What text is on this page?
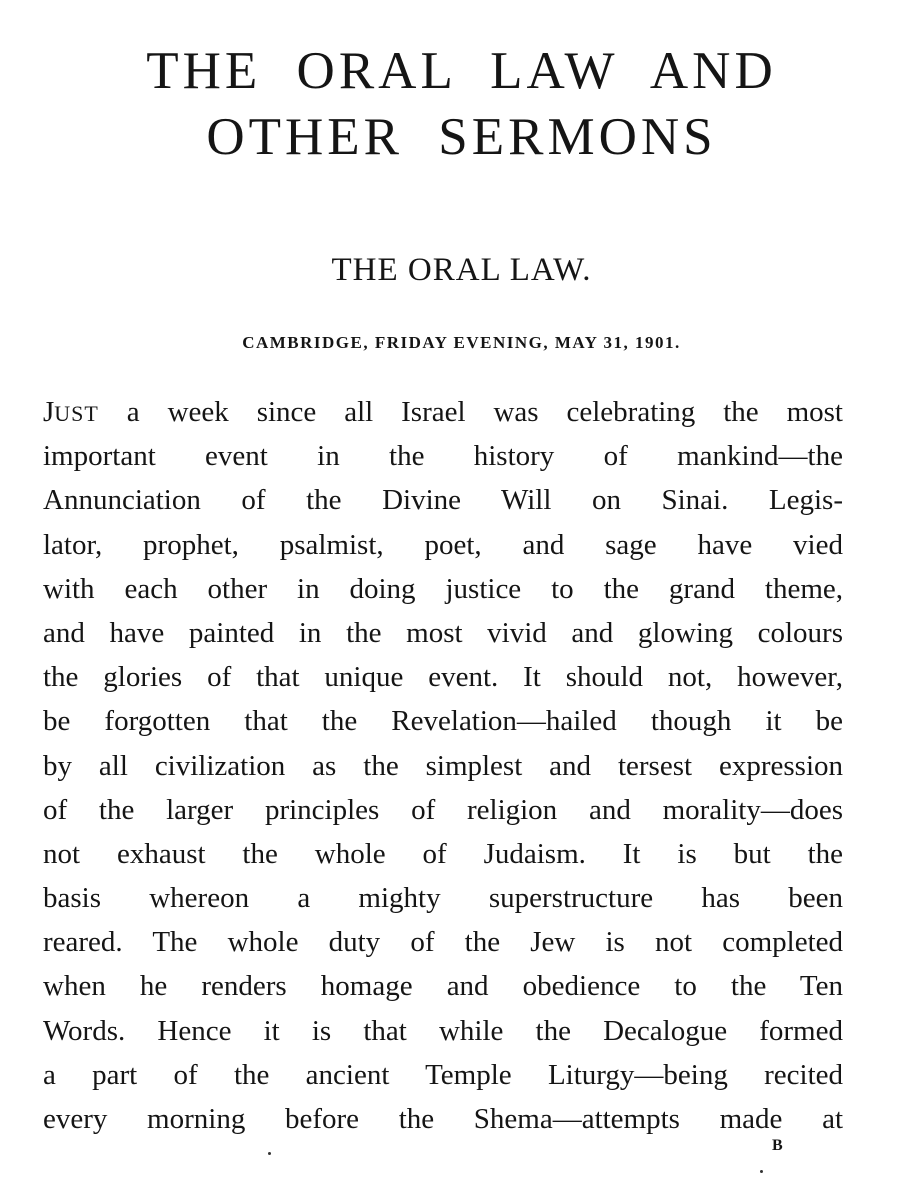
THE ORAL LAW AND
OTHER SERMONS
THE ORAL LAW.

CAMBRIDGE, FRIDAY EVENING, MAY 31, 1901.

JUST a week since all Israel was celebrating the most
important event in the history of mankind—the
Annunciation of the Divine Will on Sinai. Legis-
lator, prophet, psalmist, poet, and sage have vied
with each other in doing justice to the grand theme,
and have painted in the most vivid and glowing colours
the glories of that unique event. It should not, however,
be forgotten that the Revelation—hailed though it be
by all civilization as the simplest and tersest expression
of the larger principles of religion and morality—does
not exhaust the whole of Judaism. It is but the
basis whereon a mighty superstructure has been
reared. The whole duty of the Jew is not completed
when he renders homage and obedience to the Ten
Words. Hence it is that while the Decalogue formed
a part of the ancient Temple Liturgy—being recited
every morning before the Shema—attempts made at

B
